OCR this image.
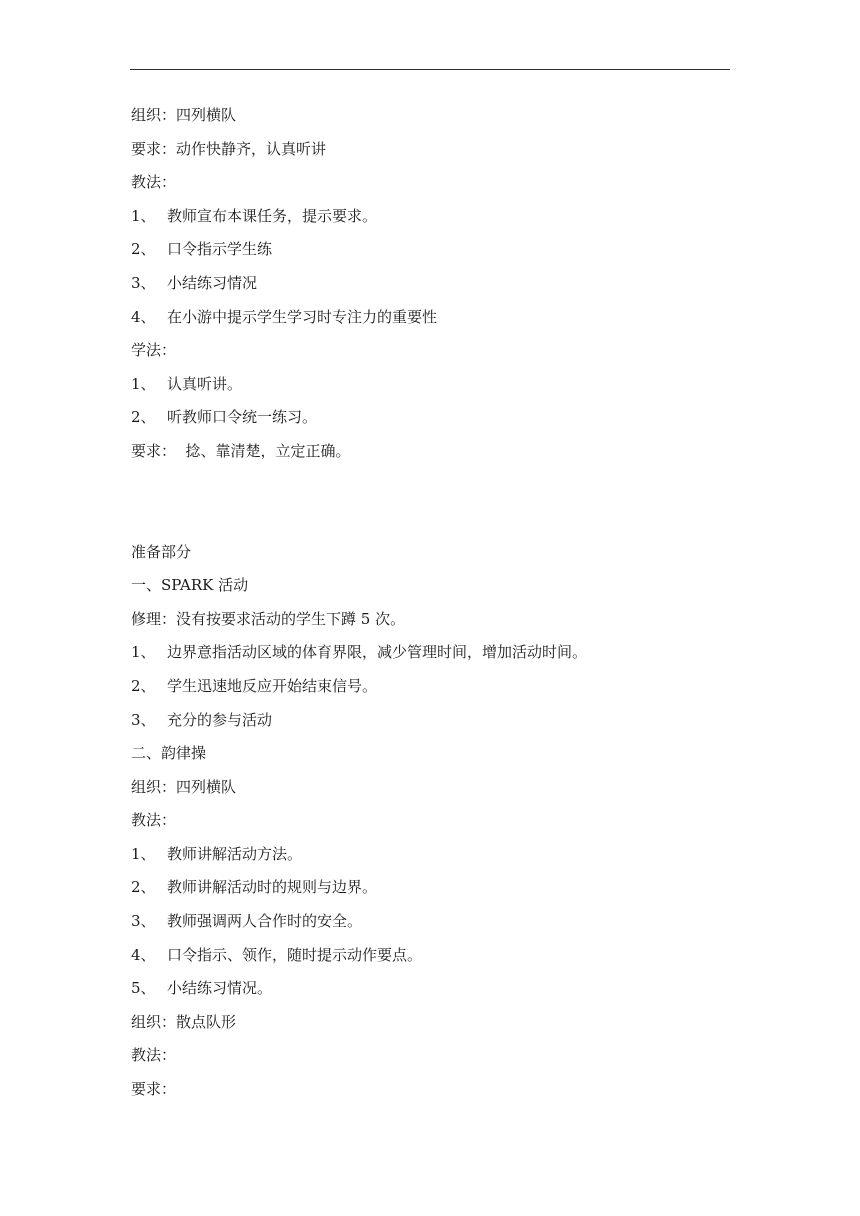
组织：四列横队
要求：动作快静齐，认真听讲
教法：
1、 教师宣布本课任务，提示要求。
2、 口令指示学生练
3、 小结练习情况
4、 在小游中提示学生学习时专注力的重要性
学法：
1、 认真听讲。
2、 听教师口令统一练习。
要求：  捻、靠清楚，立定正确。
准备部分
一、SPARK 活动
修理：没有按要求活动的学生下蹲 5 次。
1、 边界意指活动区域的体育界限，减少管理时间，增加活动时间。
2、 学生迅速地反应开始结束信号。
3、 充分的参与活动
二、韵律操
组织：四列横队
教法：
1、 教师讲解活动方法。
2、 教师讲解活动时的规则与边界。
3、 教师强调两人合作时的安全。
4、 口令指示、领作，随时提示动作要点。
5、 小结练习情况。
组织：散点队形
教法：
要求：
